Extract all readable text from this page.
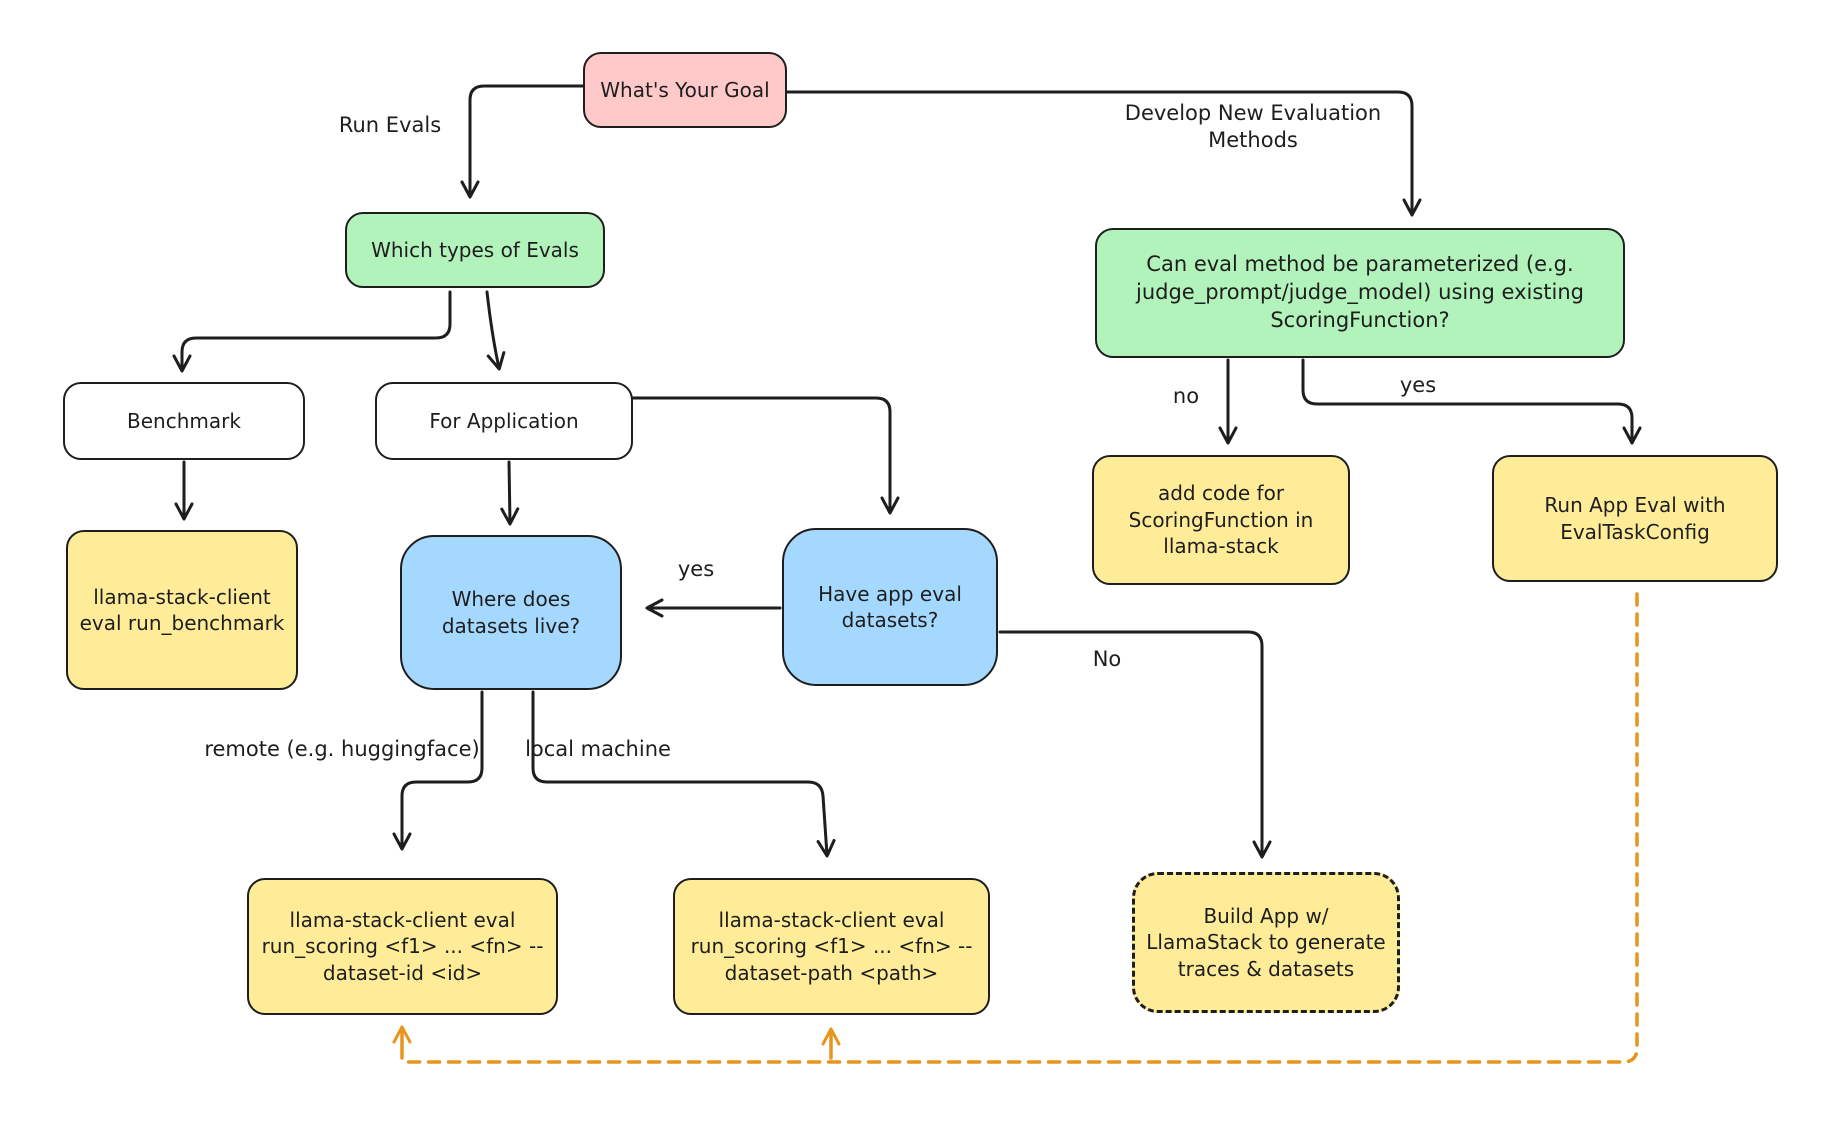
What's Your Goal
Which types of Evals
Can eval method be parameterized (e.g. judge_prompt/judge_model) using existing ScoringFunction?
Benchmark	For Application
llama-stack-client eval run_benchmark
Where does datasets live?
Have app eval datasets?
add code for ScoringFunction in llama-stack
Run App Eval with EvalTaskConfig
llama-stack-client eval run_scoring <f1> ... <fn> --dataset-id <id>
llama-stack-client eval run_scoring <f1> ... <fn> --dataset-path <path>
Build App w/ LlamaStack to generate traces & datasets
Run Evals	Develop New Evaluation Methods
no	yes
yes
No
remote (e.g. huggingface) local machine
